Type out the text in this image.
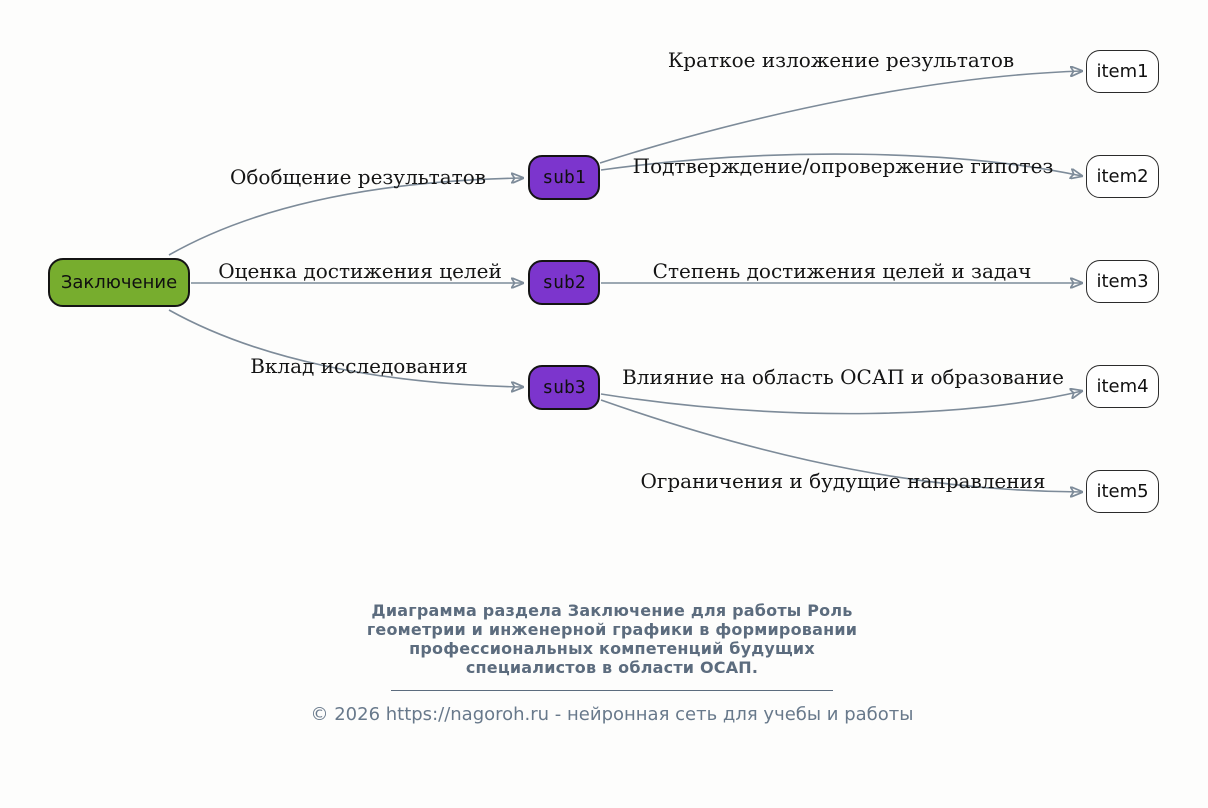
Заключение
sub1
sub2
sub3
item1
item2
item3
item4
item5
Обобщение результатов
Оценка достижения целей
Вклад исследования
Краткое изложение результатов
Подтверждение/опровержение гипотез
Степень достижения целей и задач
Влияние на область ОСАП и образование
Ограничения и будущие направления
Диаграмма раздела Заключение для работы Роль
геометрии и инженерной графики в формировании
профессиональных компетенций будущих
специалистов в области ОСАП.
© 2026 https://nagoroh.ru - нейронная сеть для учебы и работы
